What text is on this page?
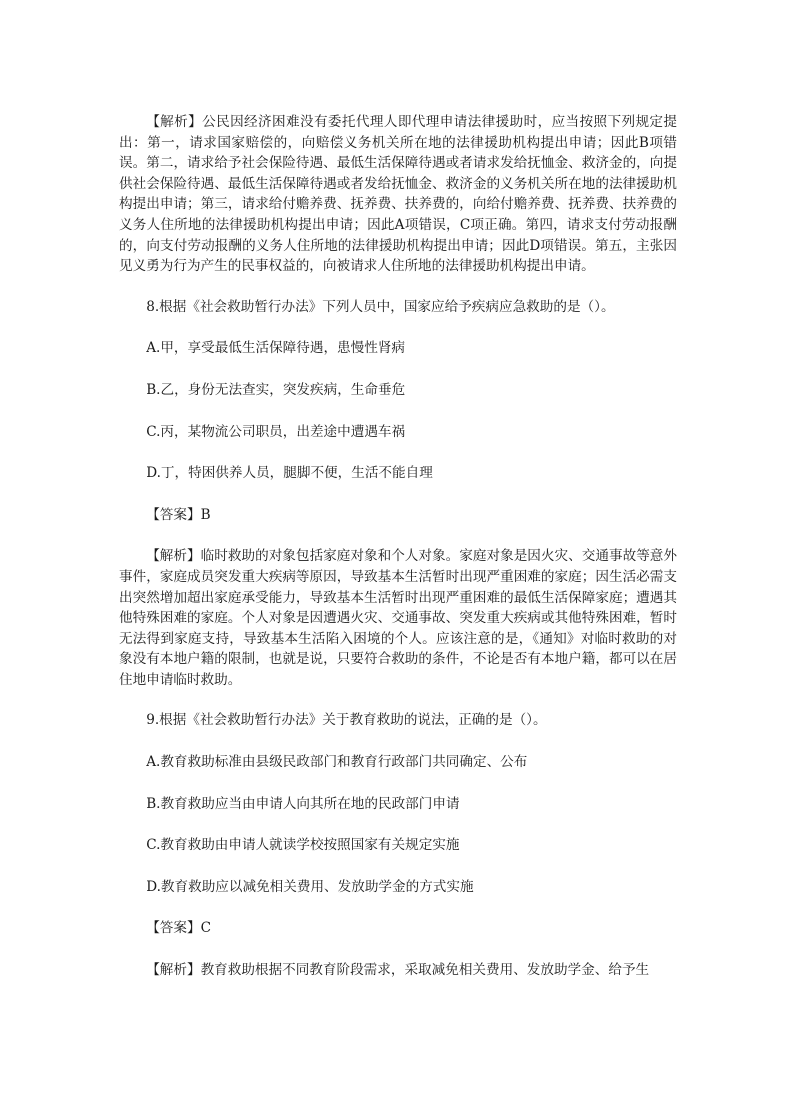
【解析】公民因经济困难没有委托代理人即代理申请法律援助时，应当按照下列规定提出：第一，请求国家赔偿的，向赔偿义务机关所在地的法律援助机构提出申请；因此B项错误。第二，请求给予社会保险待遇、最低生活保障待遇或者请求发给抚恤金、救济金的，向提供社会保险待遇、最低生活保障待遇或者发给抚恤金、救济金的义务机关所在地的法律援助机构提出申请；第三，请求给付赡养费、抚养费、扶养费的，向给付赡养费、抚养费、扶养费的义务人住所地的法律援助机构提出申请；因此A项错误，C项正确。第四，请求支付劳动报酬的，向支付劳动报酬的义务人住所地的法律援助机构提出申请；因此D项错误。第五，主张因见义勇为行为产生的民事权益的，向被请求人住所地的法律援助机构提出申请。

8.根据《社会救助暂行办法》下列人员中，国家应给予疾病应急救助的是（）。

A.甲，享受最低生活保障待遇，患慢性肾病

B.乙，身份无法查实，突发疾病，生命垂危

C.丙，某物流公司职员，出差途中遭遇车祸

D.丁，特困供养人员，腿脚不便，生活不能自理

【答案】B

【解析】临时救助的对象包括家庭对象和个人对象。家庭对象是因火灾、交通事故等意外事件，家庭成员突发重大疾病等原因，导致基本生活暂时出现严重困难的家庭；因生活必需支出突然增加超出家庭承受能力，导致基本生活暂时出现严重困难的最低生活保障家庭；遭遇其他特殊困难的家庭。个人对象是因遭遇火灾、交通事故、突发重大疾病或其他特殊困难，暂时无法得到家庭支持，导致基本生活陷入困境的个人。应该注意的是，《通知》对临时救助的对象没有本地户籍的限制，也就是说，只要符合救助的条件，不论是否有本地户籍，都可以在居住地申请临时救助。

9.根据《社会救助暂行办法》关于教育救助的说法，正确的是（）。

A.教育救助标准由县级民政部门和教育行政部门共同确定、公布

B.教育救助应当由申请人向其所在地的民政部门申请

C.教育救助由申请人就读学校按照国家有关规定实施

D.教育救助应以减免相关费用、发放助学金的方式实施

【答案】C

【解析】教育救助根据不同教育阶段需求，采取减免相关费用、发放助学金、给予生
